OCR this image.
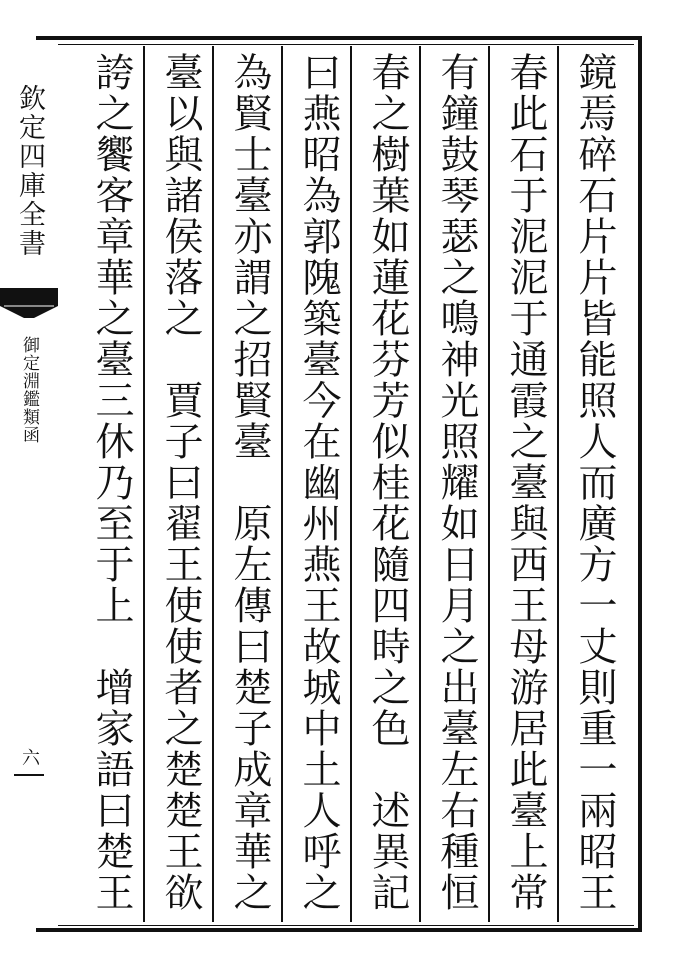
欽定四庫全書
御定淵鑑類函
六	鏡焉碎石片片皆能照人而廣方一丈則重一兩昭王
春此石于泥泥于通霞之臺與西王母游居此臺上常
有鐘鼓琴瑟之鳴神光照耀如日月之出臺左右種恒
春之樹葉如蓮花芬芳似桂花隨四時之色　述異記
曰燕昭為郭隗築臺今在幽州燕王故城中土人呼之
為賢士臺亦謂之招賢臺　原左傳曰楚子成章華之
臺以與諸侯落之　賈子曰翟王使使者之楚楚王欲
誇之饗客章華之臺三休乃至于上　增家語曰楚王
